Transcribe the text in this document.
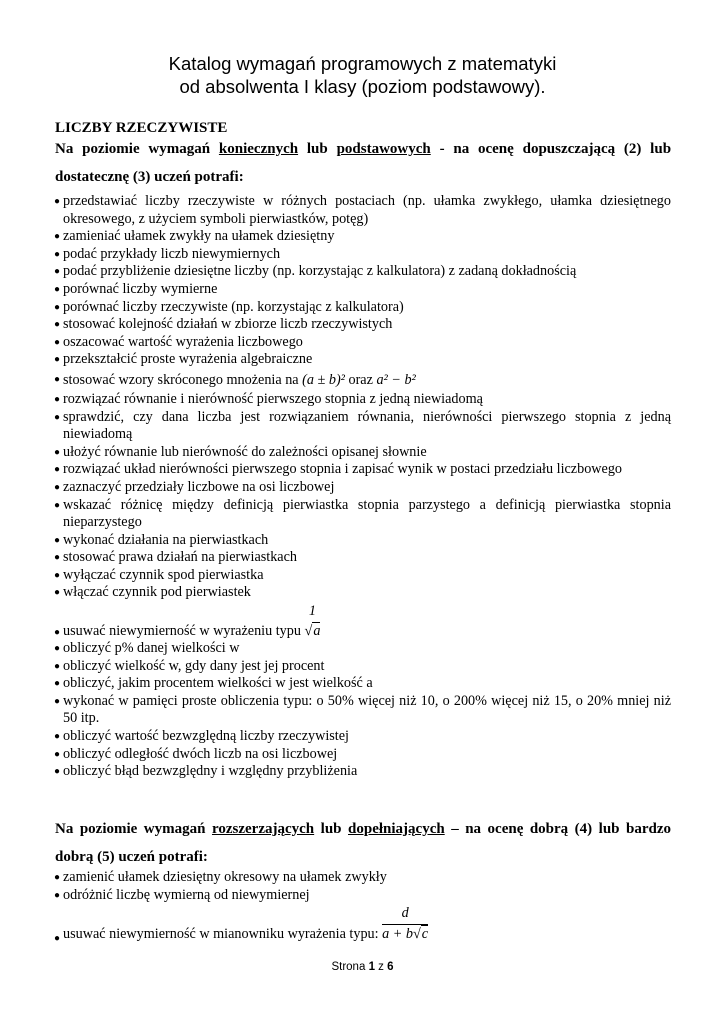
Katalog wymagań programowych z matematyki
od absolwenta I klasy (poziom podstawowy).
LICZBY RZECZYWISTE
Na poziomie wymagań koniecznych lub podstawowych - na ocenę dopuszczającą (2) lub dostatecznę (3) uczeń potrafi:
● przedstawiać liczby rzeczywiste w różnych postaciach (np. ułamka zwykłego, ułamka dziesiętnego okresowego, z użyciem symboli pierwiastków, potęg)
● zamieniać ułamek zwykły na ułamek dziesiętny
● podać przykłady liczb niewymiernych
● podać przybliżenie dziesiętne liczby (np. korzystając z kalkulatora) z zadaną dokładnością
● porównać liczby wymierne
● porównać liczby rzeczywiste (np. korzystając z kalkulatora)
● stosować kolejność działań w zbiorze liczb rzeczywistych
● oszacować wartość wyrażenia liczbowego
● przekształcić proste wyrażenia algebraiczne
● stosować wzory skróconego mnożenia na (a ± b)² oraz a² − b²
● rozwiązać równanie i nierówność pierwszego stopnia z jedną niewiadomą
● sprawdzić, czy dana liczba jest rozwiązaniem równania, nierówności pierwszego stopnia z jedną niewiadomą
● ułożyć równanie lub nierówność do zależności opisanej słownie
● rozwiązać układ nierówności pierwszego stopnia i zapisać wynik w postaci przedziału liczbowego
● zaznaczyć przedziały liczbowe na osi liczbowej
● wskazać różnicę między definicją pierwiastka stopnia parzystego a definicją pierwiastka stopnia nieparzystego
● wykonać działania na pierwiastkach
● stosować prawa działań na pierwiastkach
● wyłączać czynnik spod pierwiastka
● włączać czynnik pod pierwiastek
● usuwać niewymierność w wyrażeniu typu
1
√a
● obliczyć p% danej wielkości w
● obliczyć wielkość w, gdy dany jest jej procent
● obliczyć, jakim procentem wielkości w jest wielkość a
● wykonać w pamięci proste obliczenia typu: o 50% więcej niż 10, o 200% więcej niż 15, o 20% mniej niż 50 itp.
● obliczyć wartość bezwzględną liczby rzeczywistej
● obliczyć odległość dwóch liczb na osi liczbowej
● obliczyć błąd bezwzględny i względny przybliżenia
Na poziomie wymagań rozszerzających lub dopełniających – na ocenę dobrą (4) lub bardzo dobrą (5) uczeń potrafi:
● zamienić ułamek dziesiętny okresowy na ułamek zwykły
● odróżnić liczbę wymierną od niewymiernej
● usuwać niewymierność w mianowniku wyrażenia typu: $\frac{d}{a + b√c}$
Strona 1 z 6
